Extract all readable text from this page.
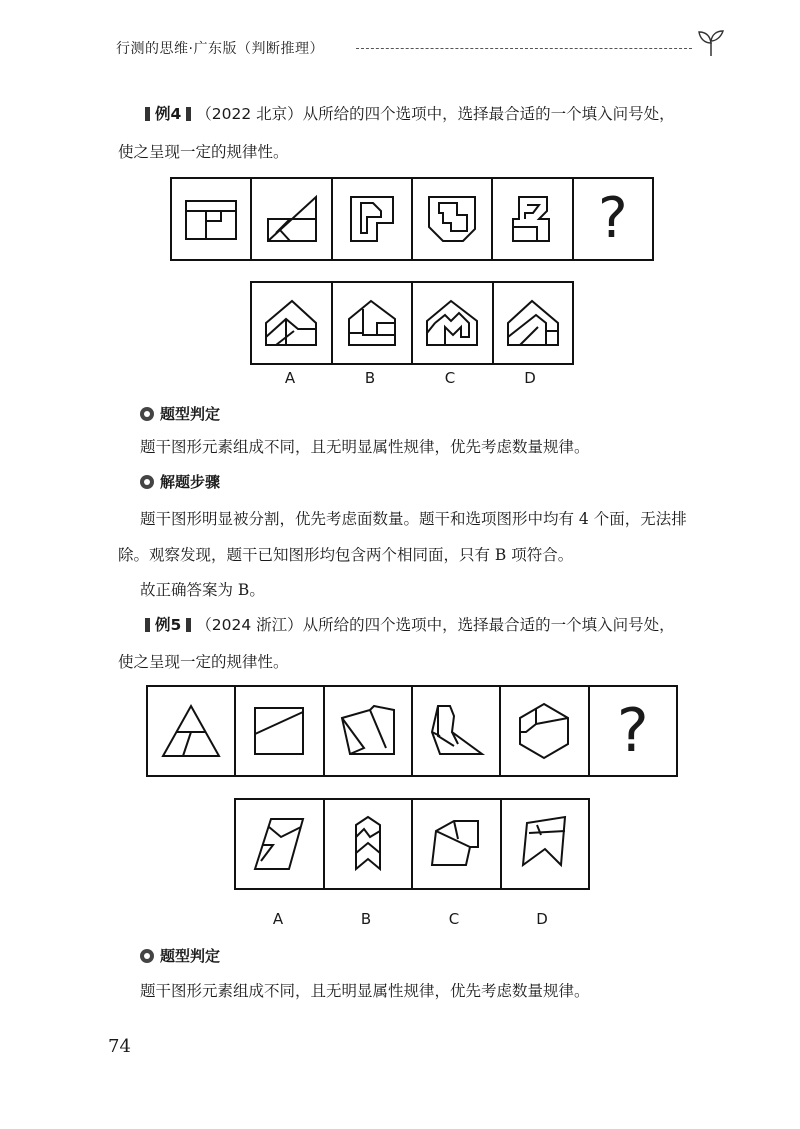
行测的思维·广东版（判断推理）
例4 （2022 北京）从所给的四个选项中，选择最合适的一个填入问号处，
使之呈现一定的规律性。
?
A	B	C	D
题型判定
题干图形元素组成不同，且无明显属性规律，优先考虑数量规律。
解题步骤
题干图形明显被分割，优先考虑面数量。题干和选项图形中均有 4 个面，无法排
除。观察发现，题干已知图形均包含两个相同面，只有 B 项符合。
故正确答案为 B。
例5 （2024 浙江）从所给的四个选项中，选择最合适的一个填入问号处，
使之呈现一定的规律性。
?
A	B	C	D
题型判定
题干图形元素组成不同，且无明显属性规律，优先考虑数量规律。
74
